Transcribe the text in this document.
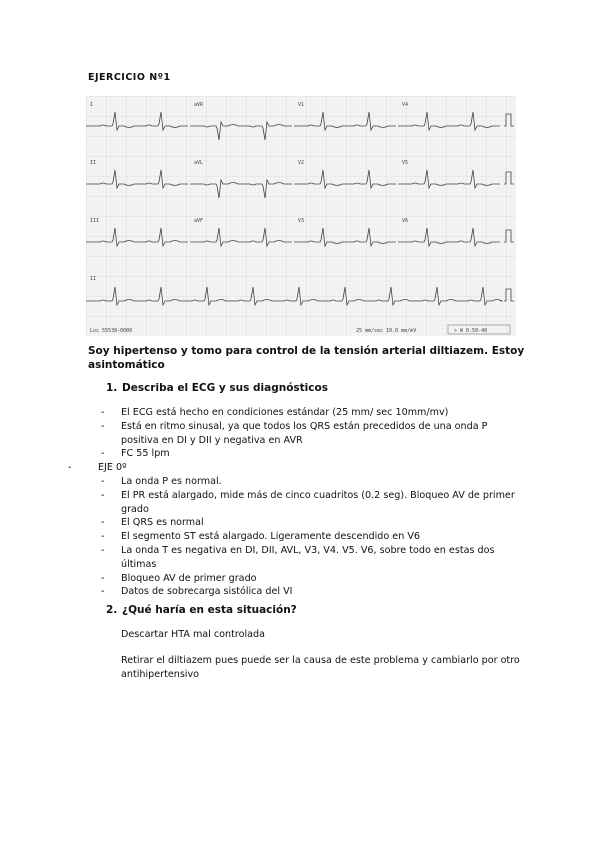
EJERCICIO Nº1
I	aVR	V1	V4
II	aVL	V2	V5
III	aVF	V3	V6
II
Loc 55538-0000	25 mm/sec 10.0 mm/mV	> W 0.50-40
Soy hipertenso y tomo para control de la tensión arterial diltiazem. Estoy asintomático
1. Describa el ECG y sus diagnósticos
- El ECG está hecho en condiciones estándar (25 mm/ sec 10mm/mv)
- Está en ritmo sinusal, ya que todos los QRS están precedidos de una onda P positiva en DI y DII y negativa en AVR
- FC 55 lpm
-	EJE 0º
- La onda P es normal.
- El PR está alargado, mide más de cinco cuadritos (0.2 seg). Bloqueo AV de primer grado
- El QRS es normal
- El segmento ST está alargado. Ligeramente descendido en V6
- La onda T es negativa en DI, DII, AVL, V3, V4. V5. V6, sobre todo en estas dos últimas
- Bloqueo AV de primer grado
- Datos de sobrecarga sistólica del VI
2. ¿Qué haría en esta situación?
Descartar HTA mal controlada
Retirar el diltiazem pues puede ser la causa de este problema y cambiarlo por otro antihipertensivo
